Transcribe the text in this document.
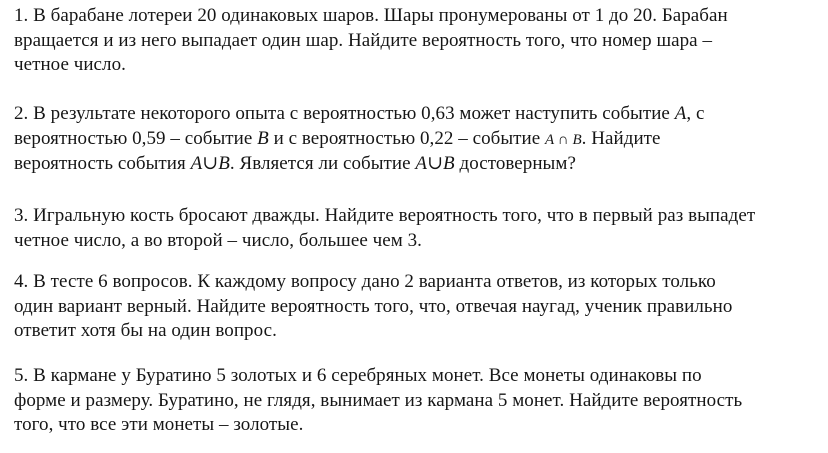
1. В барабане лотереи 20 одинаковых шаров. Шары пронумерованы от 1 до 20. Барабан
вращается и из него выпадает один шар. Найдите вероятность того, что номер шара –
четное число.
2. В результате некоторого опыта с вероятностью 0,63 может наступить событие A, с
вероятностью 0,59 – событие B и с вероятностью 0,22 – событие A ∩ B. Найдите
вероятность события A∪B. Является ли событие A∪B достоверным?
3. Игральную кость бросают дважды. Найдите вероятность того, что в первый раз выпадет
четное число, а во второй – число, большее чем 3.
4. В тесте 6 вопросов. К каждому вопросу дано 2 варианта ответов, из которых только
один вариант верный. Найдите вероятность того, что, отвечая наугад, ученик правильно
ответит хотя бы на один вопрос.
5. В кармане у Буратино 5 золотых и 6 серебряных монет. Все монеты одинаковы по
форме и размеру. Буратино, не глядя, вынимает из кармана 5 монет. Найдите вероятность
того, что все эти монеты – золотые.
